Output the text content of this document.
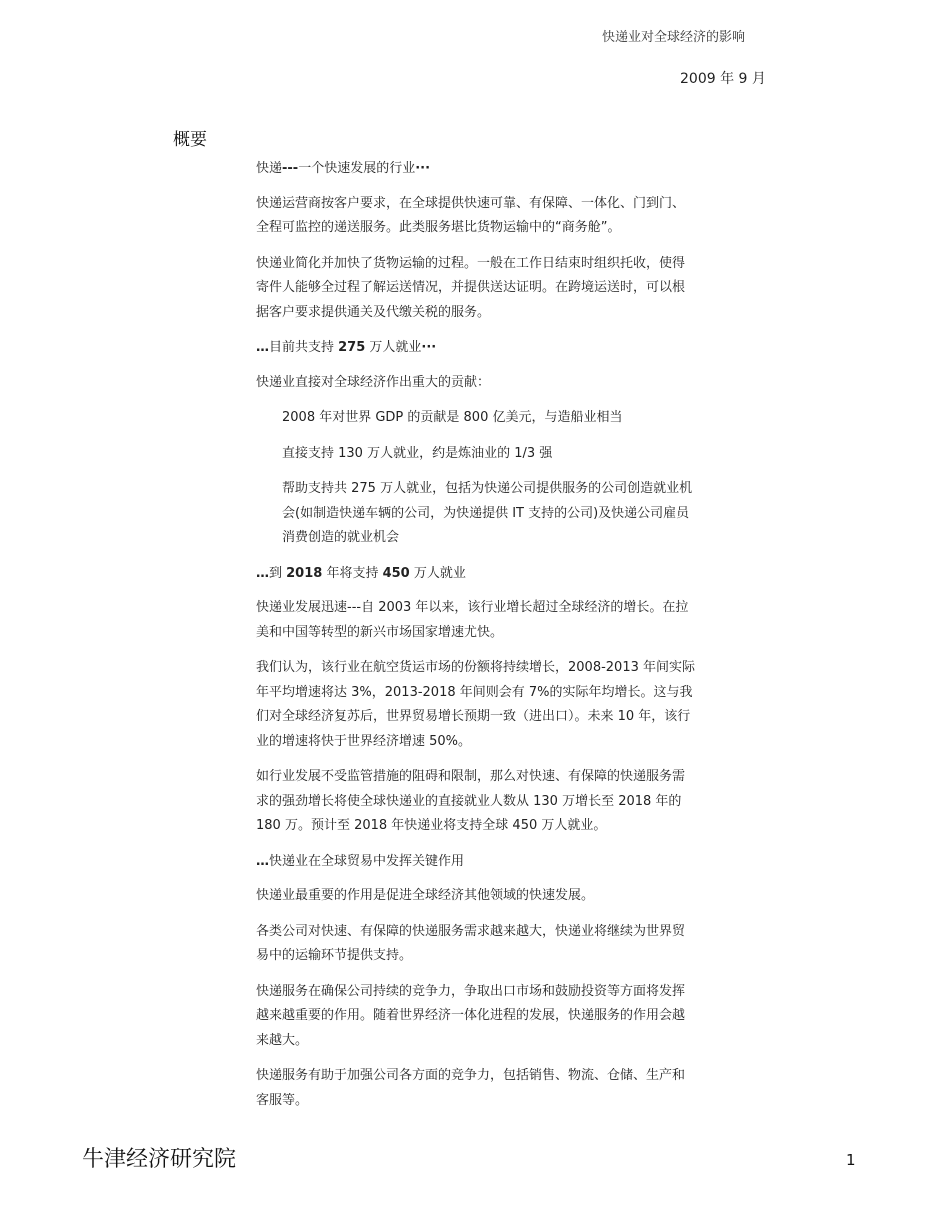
快递业对全球经济的影响
2009 年 9 月
概要

快递---一个快速发展的行业···

快递运营商按客户要求，在全球提供快速可靠、有保障、一体化、门到门、全程可监控的递送服务。此类服务堪比货物运输中的“商务舱”。

快递业简化并加快了货物运输的过程。一般在工作日结束时组织托收，使得寄件人能够全过程了解运送情况，并提供送达证明。在跨境运送时，可以根据客户要求提供通关及代缴关税的服务。

…目前共支持 275 万人就业···

快递业直接对全球经济作出重大的贡献：

2008 年对世界 GDP 的贡献是 800 亿美元，与造船业相当

直接支持 130 万人就业，约是炼油业的 1/3 强

帮助支持共 275 万人就业，包括为快递公司提供服务的公司创造就业机会(如制造快递车辆的公司，为快递提供 IT 支持的公司)及快递公司雇员消费创造的就业机会

…到 2018 年将支持 450 万人就业

快递业发展迅速---自 2003 年以来，该行业增长超过全球经济的增长。在拉美和中国等转型的新兴市场国家增速尤快。

我们认为，该行业在航空货运市场的份额将持续增长，2008-2013 年间实际年平均增速将达 3%，2013-2018 年间则会有 7%的实际年均增长。这与我们对全球经济复苏后，世界贸易增长预期一致（进出口）。未来 10 年，该行业的增速将快于世界经济增速 50%。

如行业发展不受监管措施的阻碍和限制，那么对快速、有保障的快递服务需求的强劲增长将使全球快递业的直接就业人数从 130 万增长至 2018 年的 180 万。预计至 2018 年快递业将支持全球 450 万人就业。

…快递业在全球贸易中发挥关键作用

快递业最重要的作用是促进全球经济其他领域的快速发展。

各类公司对快速、有保障的快递服务需求越来越大，快递业将继续为世界贸易中的运输环节提供支持。

快递服务在确保公司持续的竞争力，争取出口市场和鼓励投资等方面将发挥越来越重要的作用。随着世界经济一体化进程的发展，快递服务的作用会越来越大。

快递服务有助于加强公司各方面的竞争力，包括销售、物流、仓储、生产和客服等。

牛津经济研究院	1
